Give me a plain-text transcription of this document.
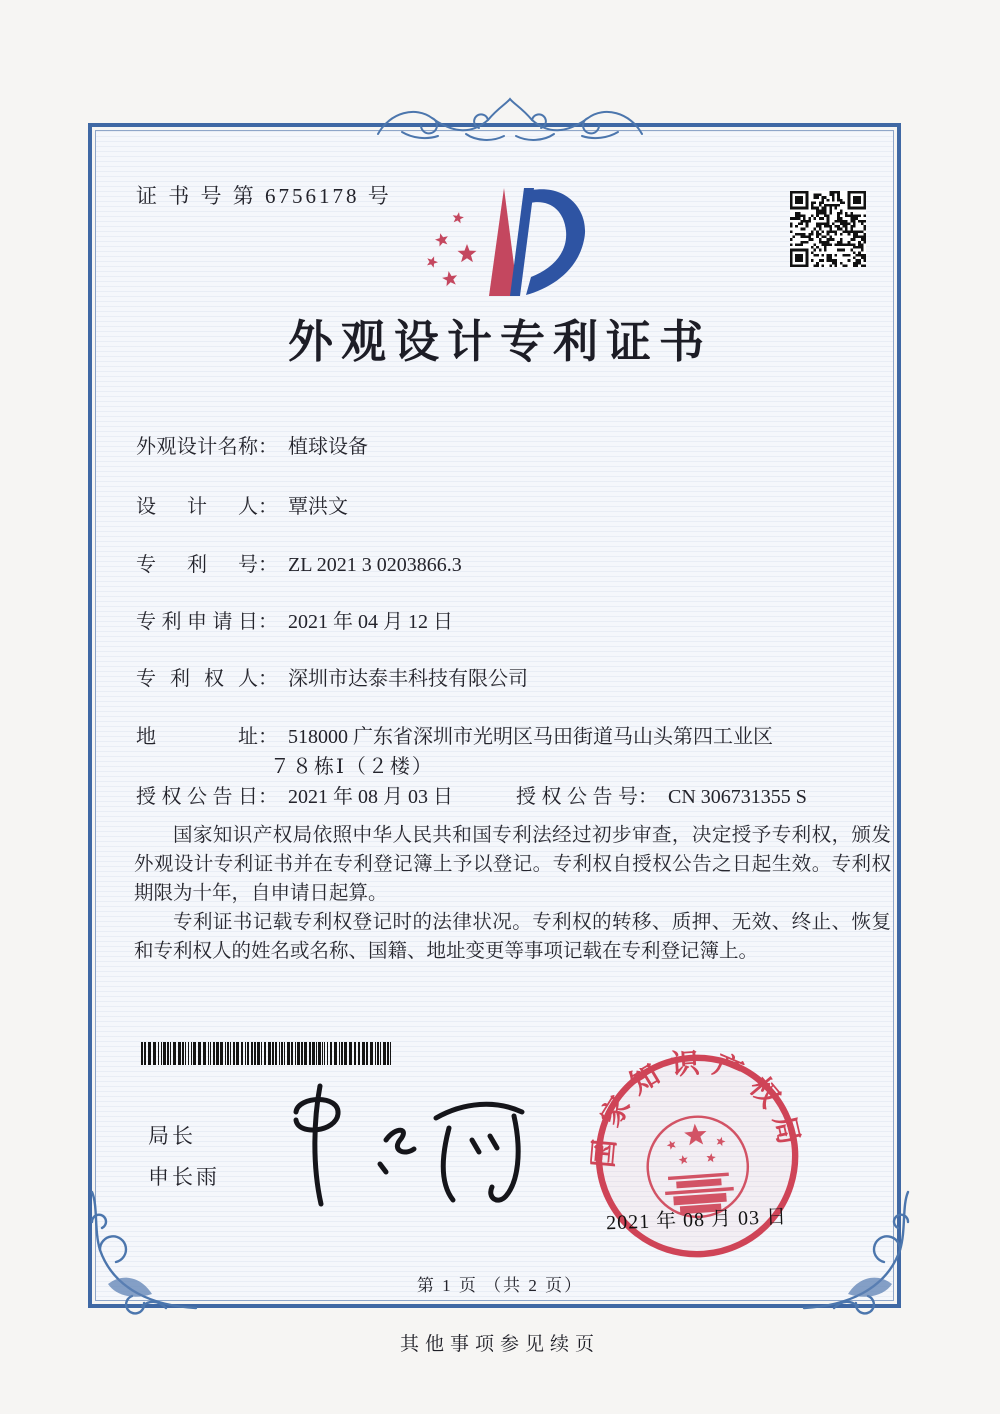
证 书 号 第 6756178 号
外观设计专利证书
外观设计名称： 植球设备
设计人： 覃洪文
专利号： ZL 2021 3 0203866.3
专利申请日： 2021 年 04 月 12 日
专利权人： 深圳市达泰丰科技有限公司
地址： 518000 广东省深圳市光明区马田街道马山头第四工业区
７８栋Ⅰ（２楼）
授权公告日： 2021 年 08 月 03 日	授权公告号： CN 306731355 S

国家知识产权局依照中华人民共和国专利法经过初步审查，决定授予专利权，颁发外观设计专利证书并在专利登记簿上予以登记。专利权自授权公告之日起生效。专利权期限为十年，自申请日起算。

专利证书记载专利权登记时的法律状况。专利权的转移、质押、无效、终止、恢复和专利权人的姓名或名称、国籍、地址变更等事项记载在专利登记簿上。

局长
申长雨
国家知识产权局
2021 年 08 月 03 日
第 1 页 （共 2 页）
其他事项参见续页
